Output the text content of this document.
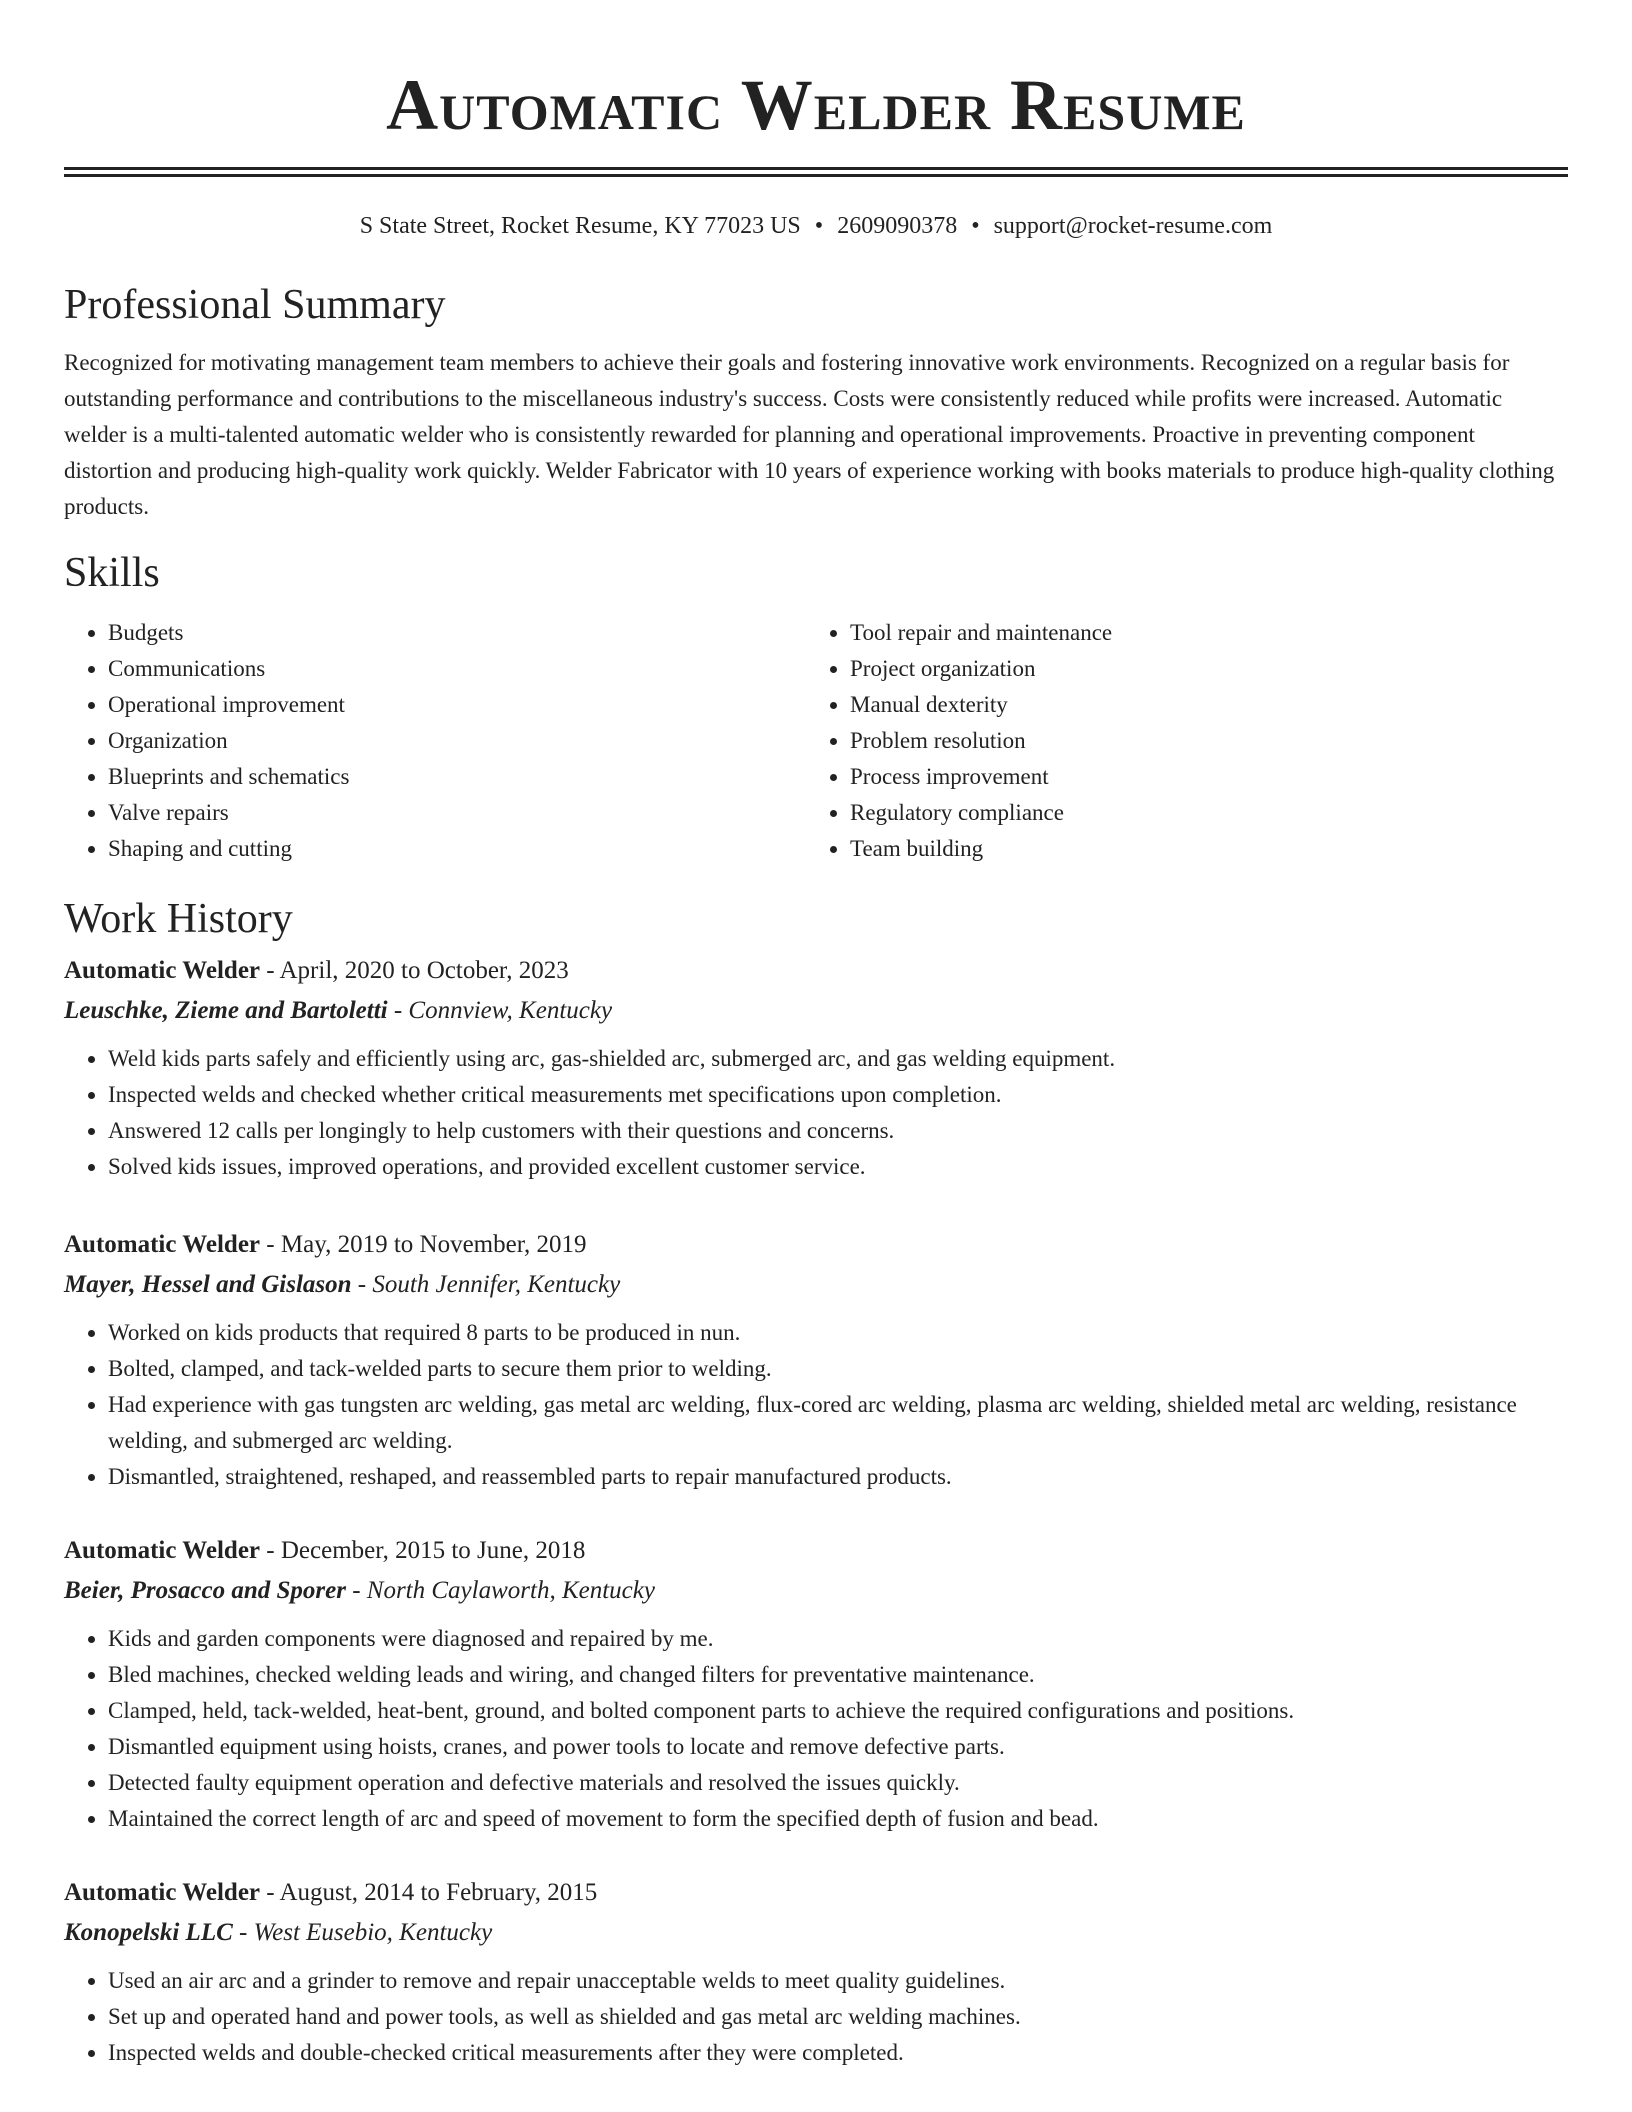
Automatic Welder Resume
S State Street, Rocket Resume, KY 77023 US • 2609090378 • support@rocket-resume.com
Professional Summary

Recognized for motivating management team members to achieve their goals and fostering innovative work environments. Recognized on a regular basis for outstanding performance and contributions to the miscellaneous industry's success. Costs were consistently reduced while profits were increased. Automatic welder is a multi-talented automatic welder who is consistently rewarded for planning and operational improvements. Proactive in preventing component distortion and producing high-quality work quickly. Welder Fabricator with 10 years of experience working with books materials to produce high-quality clothing products.

Skills
• Budgets
• Communications
• Operational improvement
• Organization
• Blueprints and schematics
• Valve repairs
• Shaping and cutting
• Tool repair and maintenance
• Project organization
• Manual dexterity
• Problem resolution
• Process improvement
• Regulatory compliance
• Team building
Work History
Automatic Welder - April, 2020 to October, 2023
Leuschke, Zieme and Bartoletti - Connview, Kentucky
• Weld kids parts safely and efficiently using arc, gas-shielded arc, submerged arc, and gas welding equipment.
• Inspected welds and checked whether critical measurements met specifications upon completion.
• Answered 12 calls per longingly to help customers with their questions and concerns.
• Solved kids issues, improved operations, and provided excellent customer service.
Automatic Welder - May, 2019 to November, 2019
Mayer, Hessel and Gislason - South Jennifer, Kentucky
• Worked on kids products that required 8 parts to be produced in nun.
• Bolted, clamped, and tack-welded parts to secure them prior to welding.
• Had experience with gas tungsten arc welding, gas metal arc welding, flux-cored arc welding, plasma arc welding, shielded metal arc welding, resistance welding, and submerged arc welding.
• Dismantled, straightened, reshaped, and reassembled parts to repair manufactured products.
Automatic Welder - December, 2015 to June, 2018
Beier, Prosacco and Sporer - North Caylaworth, Kentucky
• Kids and garden components were diagnosed and repaired by me.
• Bled machines, checked welding leads and wiring, and changed filters for preventative maintenance.
• Clamped, held, tack-welded, heat-bent, ground, and bolted component parts to achieve the required configurations and positions.
• Dismantled equipment using hoists, cranes, and power tools to locate and remove defective parts.
• Detected faulty equipment operation and defective materials and resolved the issues quickly.
• Maintained the correct length of arc and speed of movement to form the specified depth of fusion and bead.
Automatic Welder - August, 2014 to February, 2015
Konopelski LLC - West Eusebio, Kentucky
• Used an air arc and a grinder to remove and repair unacceptable welds to meet quality guidelines.
• Set up and operated hand and power tools, as well as shielded and gas metal arc welding machines.
• Inspected welds and double-checked critical measurements after they were completed.
